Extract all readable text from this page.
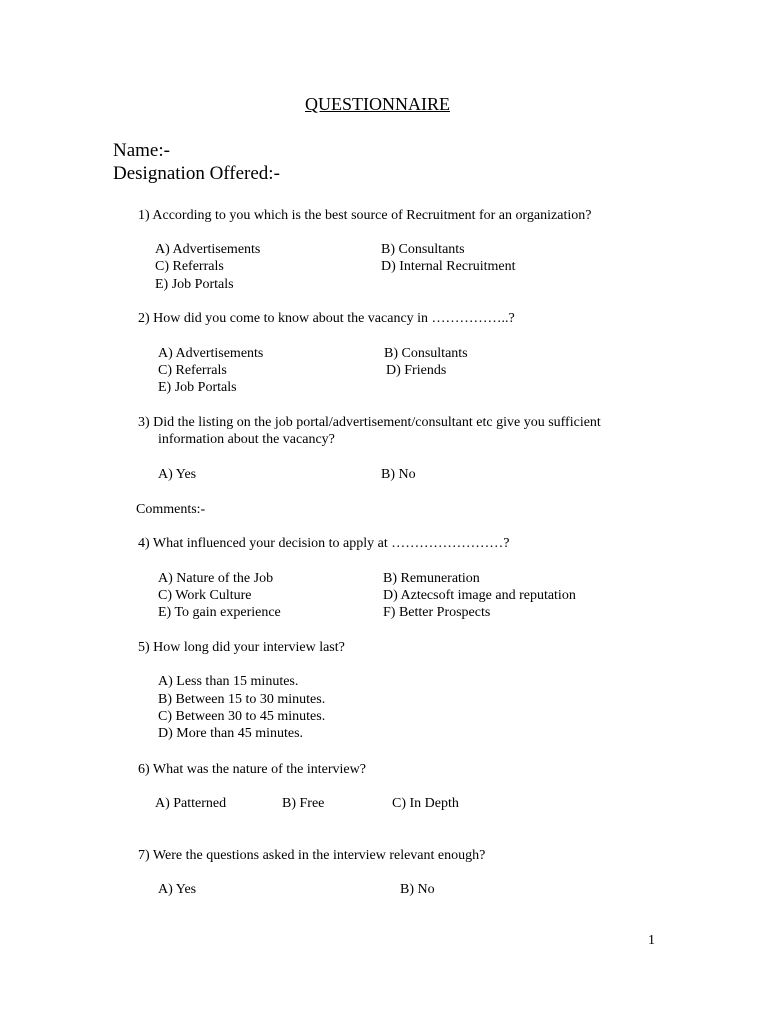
QUESTIONNAIRE
Name:-
Designation Offered:-
1) According to you which is the best source of Recruitment for an organization?
A) Advertisements	B) Consultants
C) Referrals	D) Internal Recruitment
E) Job Portals
2) How did you come to know about the vacancy in ……………..?
A) Advertisements	B) Consultants
C) Referrals	D) Friends
E) Job Portals
3) Did the listing on the job portal/advertisement/consultant etc give you sufficient
information about the vacancy?
A) Yes	B) No
Comments:-
4) What influenced your decision to apply at ……………………?
A) Nature of the Job	B) Remuneration
C) Work Culture	D) Aztecsoft image and reputation
E) To gain experience	F) Better Prospects
5) How long did your interview last?
A) Less than 15 minutes.
B) Between 15 to 30 minutes.
C) Between 30 to 45 minutes.
D) More than 45 minutes.
6) What was the nature of the interview?
A) Patterned	B) Free	C) In Depth
7) Were the questions asked in the interview relevant enough?
A) Yes	B) No
1
